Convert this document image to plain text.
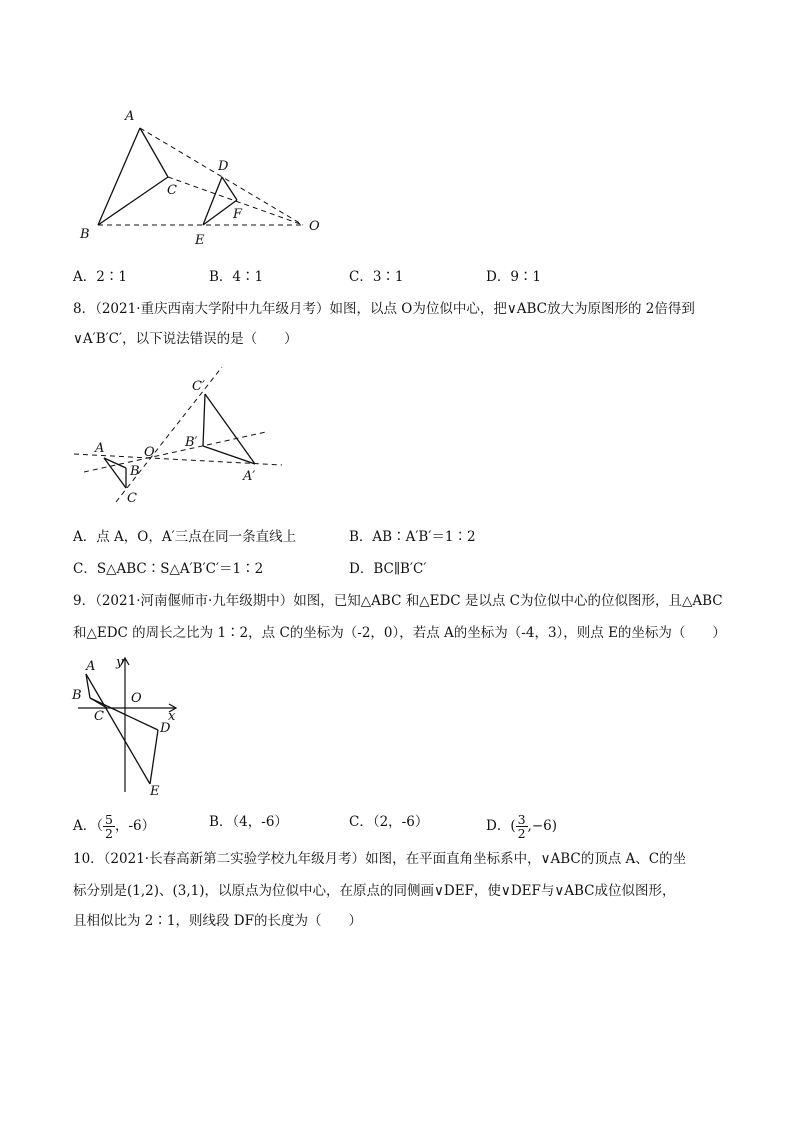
A
B
C
D
E
F
O
A．2∶1	B．4∶1	C．3∶1	D．9∶1
8．（2021·重庆西南大学附中九年级月考）如图，以点 O为位似中心，把∨ABC放大为原图形的 2倍得到
∨A′B′C′，以下说法错误的是（　　）
A
B
C
O
A′
B′
C′
A．点 A，O，A′三点在同一条直线上	B．AB∶A′B′＝1∶2
C．S△ABC∶S△A′B′C′＝1∶2	D．BC∥B′C′
9．（2021·河南偃师市·九年级期中）如图，已知△ABC 和△EDC 是以点 C为位似中心的位似图形，且△ABC
和△EDC 的周长之比为 1∶2，点 C的坐标为（-2，0），若点 A的坐标为（-4，3），则点 E的坐标为（　　）
A
B
C
O
x
y
D
E
A．（ $\frac{5}{2}$ ，-6）	B．（4，-6）	C．（2，-6）	D．( $\frac{3}{2} ,-6$)
10．（2021·长春高新第二实验学校九年级月考）如图，在平面直角坐标系中，∨ABC的顶点 A、C的坐
标分别是(1,2)、(3,1)，以原点为位似中心，在原点的同侧画∨DEF，使∨DEF与∨ABC成位似图形，
且相似比为 2∶1，则线段 DF的长度为（　　）
